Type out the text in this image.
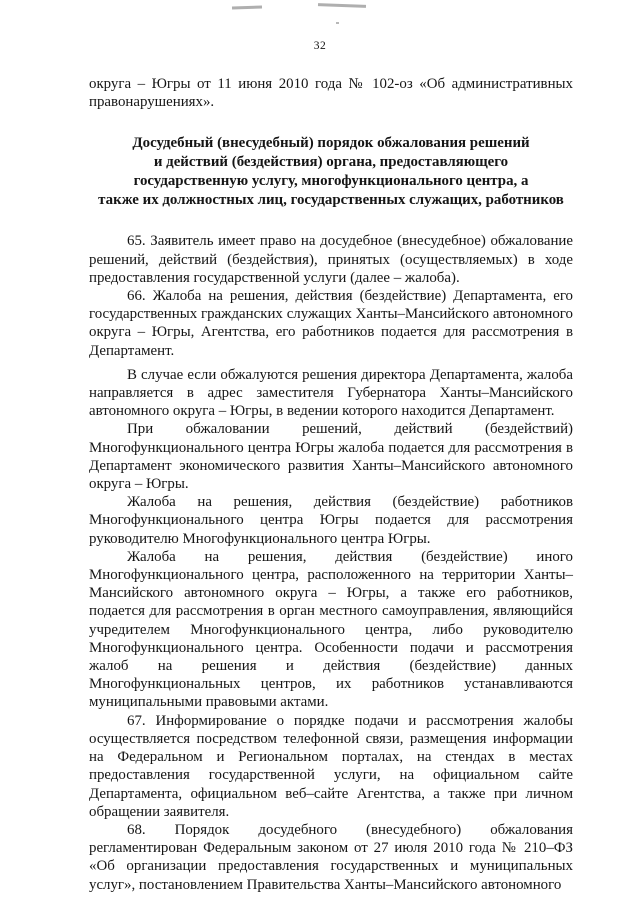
32

округа – Югры от 11 июня 2010 года № 102-оз «Об административных правонарушениях».

Досудебный (внесудебный) порядок обжалования решений
и действий (бездействия) органа, предоставляющего
государственную услугу, многофункционального центра, а
также их должностных лиц, государственных служащих, работников

65. Заявитель имеет право на досудебное (внесудебное) обжалование решений, действий (бездействия), принятых (осуществляемых) в ходе предоставления государственной услуги (далее – жалоба).

66. Жалоба на решения, действия (бездействие) Департамента, его государственных гражданских служащих Ханты–Мансийского автономного округа – Югры, Агентства, его работников подается для рассмотрения в Департамент.

В случае если обжалуются решения директора Департамента, жалоба направляется в адрес заместителя Губернатора Ханты–Мансийского автономного округа – Югры, в ведении которого находится Департамент.

При обжаловании решений, действий (бездействий) Многофункционального центра Югры жалоба подается для рассмотрения в Департамент экономического развития Ханты–Мансийского автономного округа – Югры.

Жалоба на решения, действия (бездействие) работников Многофункционального центра Югры подается для рассмотрения руководителю Многофункционального центра Югры.

Жалоба на решения, действия (бездействие) иного Многофункционального центра, расположенного на территории Ханты–Мансийского автономного округа – Югры, а также его работников, подается для рассмотрения в орган местного самоуправления, являющийся учредителем Многофункционального центра, либо руководителю Многофункционального центра. Особенности подачи и рассмотрения жалоб на решения и действия (бездействие) данных Многофункциональных центров, их работников устанавливаются муниципальными правовыми актами.

67. Информирование о порядке подачи и рассмотрения жалобы осуществляется посредством телефонной связи, размещения информации на Федеральном и Региональном порталах, на стендах в местах предоставления государственной услуги, на официальном сайте Департамента, официальном веб–сайте Агентства, а также при личном обращении заявителя.

68. Порядок досудебного (внесудебного) обжалования регламентирован Федеральным законом от 27 июля 2010 года № 210–ФЗ «Об организации предоставления государственных и муниципальных услуг», постановлением Правительства Ханты–Мансийского автономного
